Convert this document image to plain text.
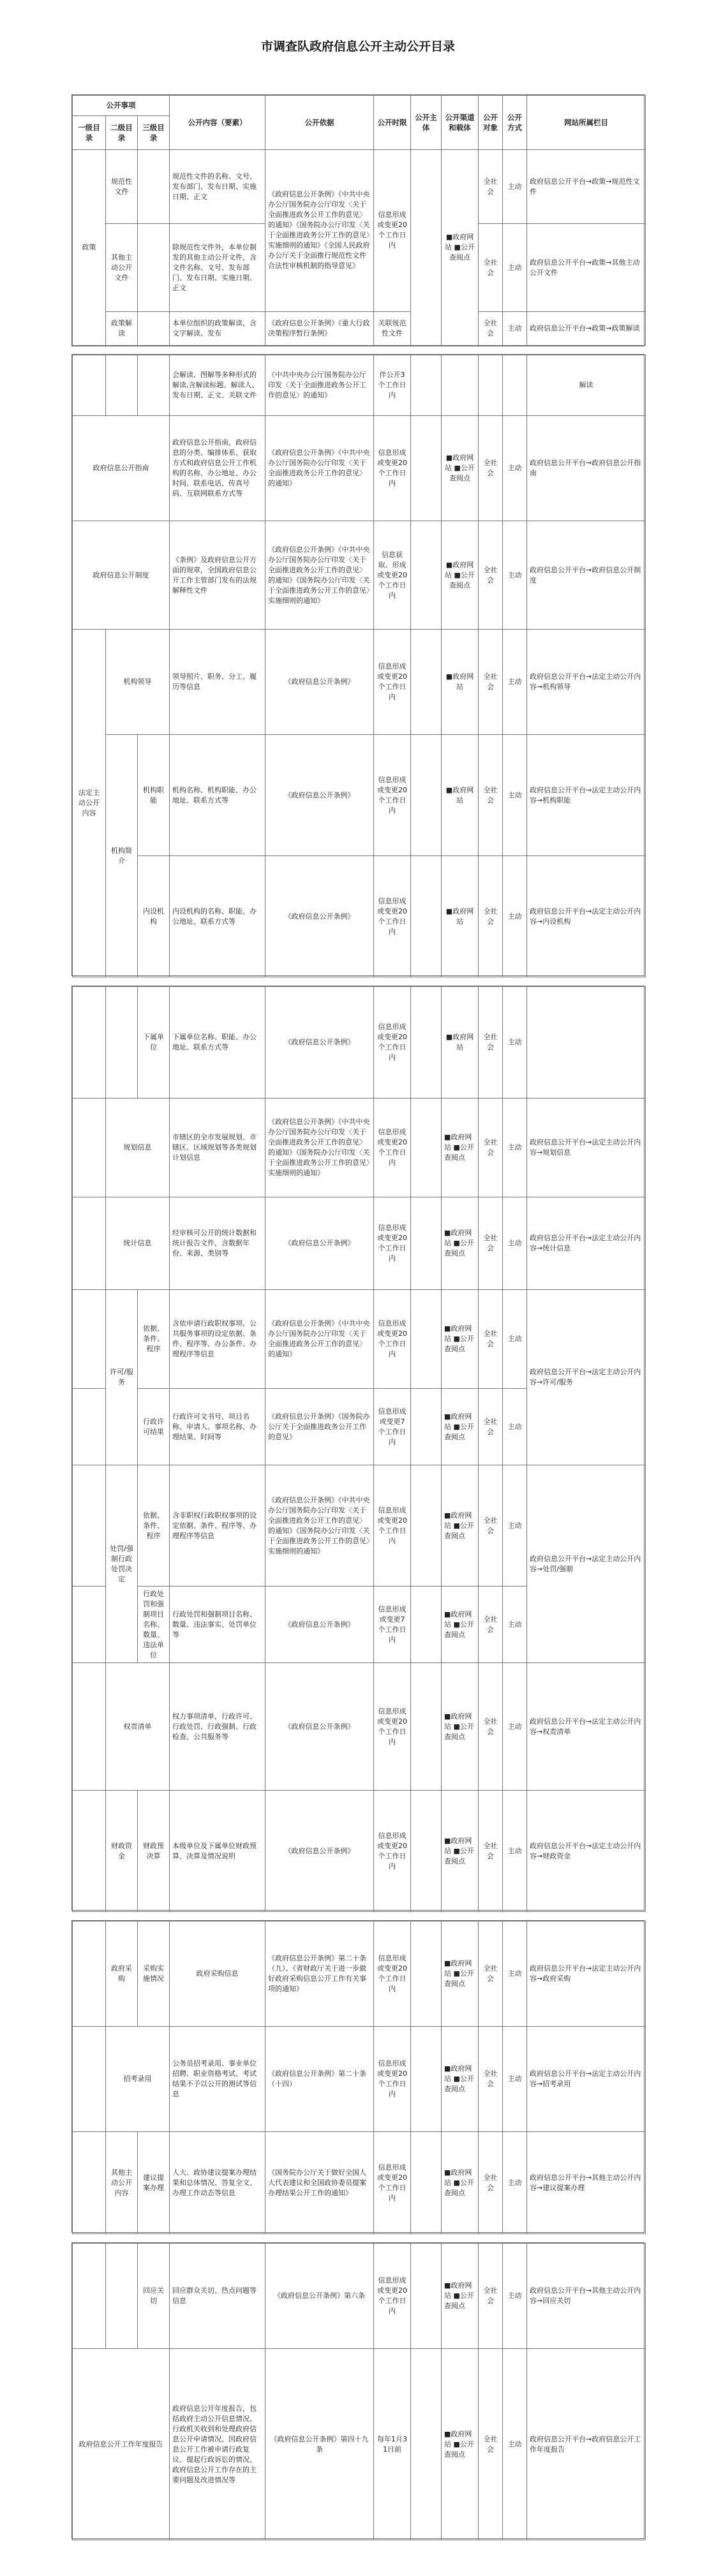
市调查队政府信息公开主动公开目录
公开事项			公开内容（要素）	公开依据	公开时限	公开主体	公开渠道和载体	公开对象	公开方式	网站所属栏目
一级目录	二级目录	三级目录								
政策	规范性文件		规范性文件的名称、文号、发布部门、发布日期、实施日期、正文	《政府信息公开条例》《中共中央办公厅国务院办公厅印发〈关于全面推进政务公开工作的意见〉的通知》《国务院办公厅印发〈关于全面推进政务公开工作的意见〉实施细则的通知》《全国人民政府办公厅关于全面推行规范性文件合法性审核机制的指导意见》	信息形成或变更20个工作日内		■政府网站 ■公开查阅点	全社会	主动	政府信息公开平台→政策→规范性文件
	其他主动公开文件		除规范性文件外，本单位制发的其他主动公开文件，含文件名称、文号、发布部门、发布日期、实施日期、正文					全社会	主动	政府信息公开平台→政策→其他主动公开文件
	政策解读		本单位组织的政策解读，含文字解读、发布	《政府信息公开条例》《重大行政决策程序暂行条例》	关联规范性文件			全社会	主动	政府信息公开平台→政策→政策解读
			会解读、图解等多种形式的解读,含解读标题、解读人、发布日期、正文、关联文件	《中共中央办公厅国务院办公厅印发〈关于全面推进政务公开工作的意见〉的通知》	伴公开3个工作日内					解读
政府信息公开指南			政府信息公开指南，政府信息的分类、编排体系、获取方式和政府信息公开工作机构的名称、办公地址、办公时间、联系电话、传真号码、互联网联系方式等	《政府信息公开条例》《中共中央办公厅国务院办公厅印发〈关于全面推进政务公开工作的意见〉的通知》	信息形成或变更20个工作日内		■政府网站 ■公开查阅点	全社会	主动	政府信息公开平台→政府信息公开指南
政府信息公开制度			《条例》及政府信息公开方面的规章，全国政府信息公开工作主管部门发布的法规解释性文件	《政府信息公开条例》《中共中央办公厅国务院办公厅印发〈关于全面推进政务公开工作的意见〉的通知》《国务院办公厅印发〈关于全面推进政务公开工作的意见〉实施细则的通知》	信息获取、形成或变更20个工作日内		■政府网站 ■公开查阅点	全社会	主动	政府信息公开平台→政府信息公开制度
法定主动公开内容	机构领导		领导照片、职务、分工、履历等信息	《政府信息公开条例》	信息形成或变更20个工作日内		■政府网站	全社会	主动	政府信息公开平台→法定主动公开内容→机构领导
	机构简介	机构职能	机构名称、机构职能、办公地址、联系方式等	《政府信息公开条例》	信息形成或变更20个工作日内		■政府网站	全社会	主动	政府信息公开平台→法定主动公开内容→机构职能
		内设机构	内设机构的名称、职能、办公地址、联系方式等	《政府信息公开条例》	信息形成或变更20个工作日内		■政府网站	全社会	主动	政府信息公开平台→法定主动公开内容→内设机构
		下属单位	下属单位名称、职能、办公地址、联系方式等	《政府信息公开条例》	信息形成或变更20个工作日内		■政府网站	全社会	主动	
	规划信息		市辖区的全市发展规划、市辖区、区域规划等各类规划计划信息	《政府信息公开条例》《中共中央办公厅国务院办公厅印发〈关于全面推进政务公开工作的意见〉的通知》《国务院办公厅印发〈关于全面推进政务公开工作的意见〉实施细则的通知》	信息形成或变更20个工作日内		■政府网站 ■公开查阅点	全社会	主动	政府信息公开平台→法定主动公开内容→规划信息
	统计信息		经审核可公开的统计数据和统计报告文件，含数据年份、来源、类别等	《政府信息公开条例》	信息形成或变更20个工作日内		■政府网站 ■公开查阅点	全社会	主动	政府信息公开平台→法定主动公开内容→统计信息
	许可/服务	依据、条件、程序	含依申请行政职权事项、公共服务事项的设定依据、条件、程序等、办公条件、办理程序等信息	《政府信息公开条例》《中共中央办公厅国务院办公厅印发〈关于全面推进政务公开工作的意见〉的通知》	信息形成或变更20个工作日内		■政府网站 ■公开查阅点	全社会	主动	政府信息公开平台→法定主动公开内容→许可/服务
		行政许可结果	行政许可文书号、项目名称、申请人、事项名称、办理结果、时间等	《政府信息公开条例》《国务院办公厅关于全面推进政务公开工作的意见》	信息形成或变更7个工作日内		■政府网站 ■公开查阅点	全社会	主动	
	处罚/强制行政处罚决定	依据、条件、程序	含非职权行政职权事项的设定依据、条件、程序等、办理程序等信息	《政府信息公开条例》《中共中央办公厅国务院办公厅印发〈关于全面推进政务公开工作的意见〉的通知》《国务院办公厅印发〈关于全面推进政务公开工作的意见〉实施细则的通知》	信息形成或变更20个工作日内		■政府网站 ■公开查阅点	全社会	主动	政府信息公开平台→法定主动公开内容→处罚/强制
		行政处罚和强制项目名称、数量、违法单位	行政处罚和强制项目名称、数量、违法事实、处罚单位等	《政府信息公开条例》	信息形成或变更7个工作日内		■政府网站 ■公开查阅点	全社会	主动	
	权责清单		权力事项清单，行政许可、行政处罚、行政强制、行政检查、公共服务等	《政府信息公开条例》	信息形成或变更20个工作日内		■政府网站 ■公开查阅点	全社会	主动	政府信息公开平台→法定主动公开内容→权责清单
	财政资金	财政预决算	本级单位及下属单位财政预算、决算及情况说明	《政府信息公开条例》	信息形成或变更20个工作日内		■政府网站 ■公开查阅点	全社会	主动	政府信息公开平台→法定主动公开内容→财政资金
	政府采购	采购实施情况	政府采购信息	《政府信息公开条例》第二十条（九）、《省财政厅关于进一步做好政府采购信息公开工作有关事项的通知》	信息形成或变更20个工作日内		■政府网站 ■公开查阅点	全社会	主动	政府信息公开平台→法定主动公开内容→政府采购
	招考录用		公务员招考录用、事业单位招聘、职业资格考试、考试结果不予以公开的测试等信息	《政府信息公开条例》第二十条（十四）	信息形成或变更20个工作日内		■政府网站 ■公开查阅点	全社会	主动	政府信息公开平台→法定主动公开内容→招考录用
	其他主动公开内容	建议提案办理	人大、政协建议提案办理结果和总体情况、答复全文、办理工作动态等信息	《国务院办公厅关于做好全国人大代表建议和全国政协委员提案办理结果公开工作的通知》	信息形成或变更20个工作日内		■政府网站 ■公开查阅点	全社会	主动	政府信息公开平台→其他主动公开内容→建议提案办理
		回应关切	回应群众关切、热点问题等信息	《政府信息公开条例》第六条	信息形成或变更20个工作日内		■政府网站 ■公开查阅点	全社会	主动	政府信息公开平台→其他主动公开内容→回应关切
政府信息公开工作年度报告			政府信息公开年度报告，包括政府主动公开信息情况、行政机关收到和处理政府信息公开申请情况、因政府信息公开工作被申请行政复议、提起行政诉讼的情况、政府信息公开工作存在的主要问题及改进情况等	《政府信息公开条例》第四十九条	每年1月31日前		■政府网站 ■公开查阅点	全社会	主动	政府信息公开平台→政府信息公开工作年度报告
